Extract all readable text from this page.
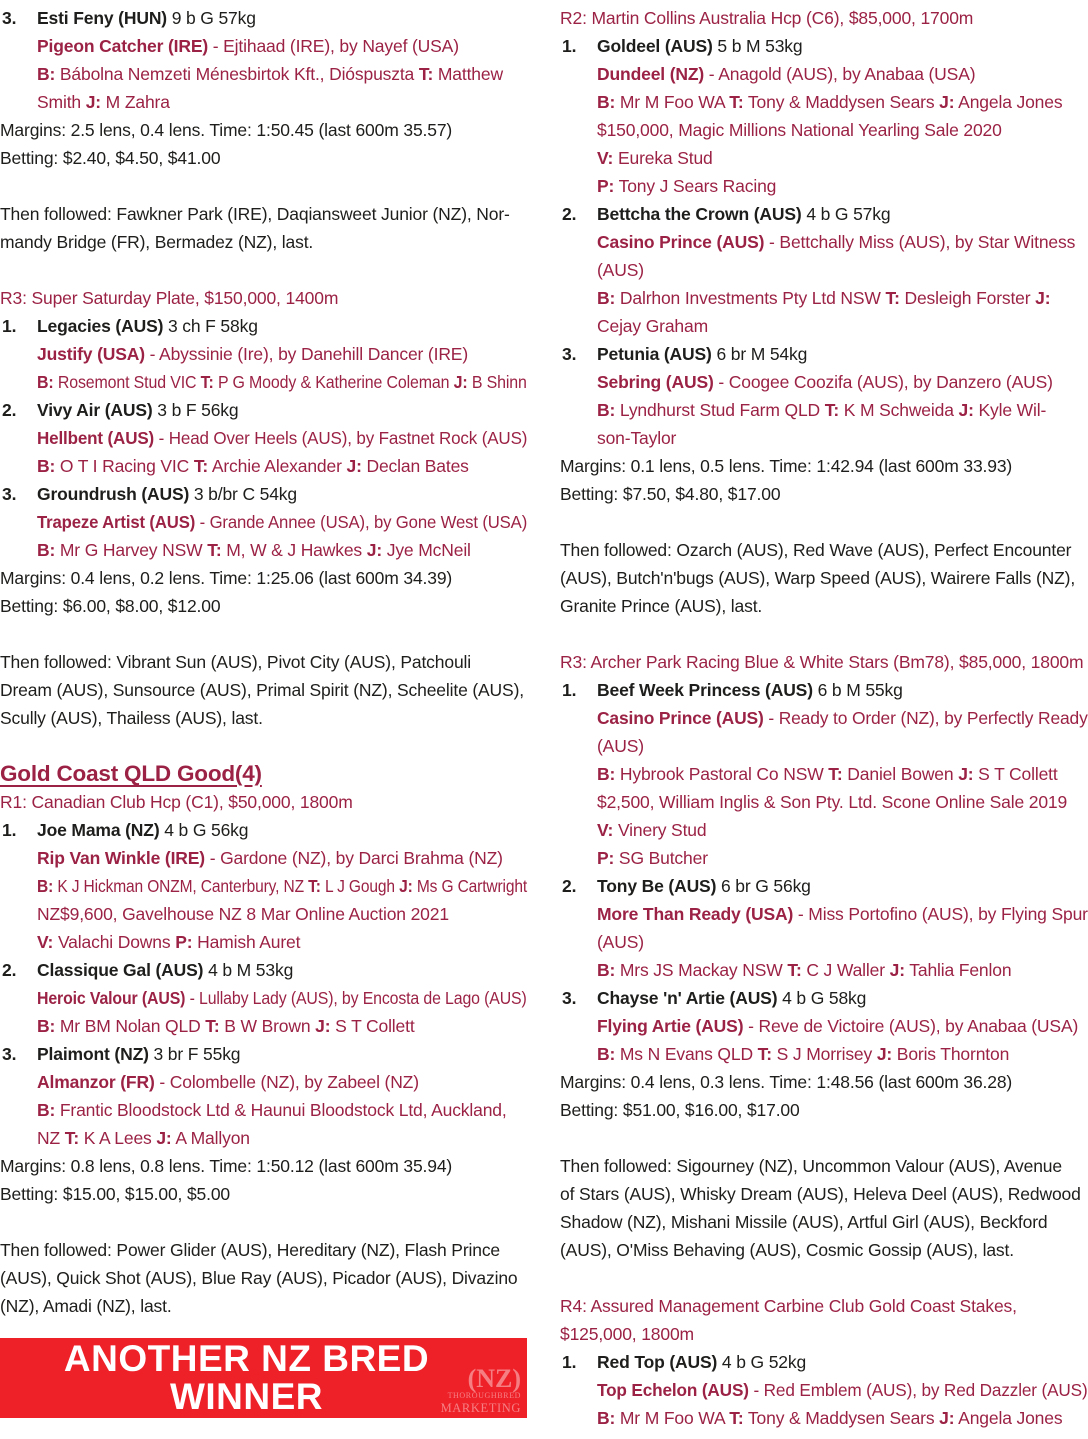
3. Esti Feny (HUN) 9 b G 57kg
Pigeon Catcher (IRE) - Ejtihaad (IRE), by Nayef (USA)
B: Bábolna Nemzeti Ménesbirtok Kft., Dióspuszta T: Matthew
Smith J: M Zahra
Margins: 2.5 lens, 0.4 lens. Time: 1:50.45 (last 600m 35.57)
Betting: $2.40, $4.50, $41.00
Then followed: Fawkner Park (IRE), Daqiansweet Junior (NZ), Nor-
mandy Bridge (FR), Bermadez (NZ), last.
R3: Super Saturday Plate, $150,000, 1400m
1. Legacies (AUS) 3 ch F 58kg
Justify (USA) - Abyssinie (Ire), by Danehill Dancer (IRE)
B: Rosemont Stud VIC T: P G Moody & Katherine Coleman J: B Shinn
2. Vivy Air (AUS) 3 b F 56kg
Hellbent (AUS) - Head Over Heels (AUS), by Fastnet Rock (AUS)
B: O T I Racing VIC T: Archie Alexander J: Declan Bates
3. Groundrush (AUS) 3 b/br C 54kg
Trapeze Artist (AUS) - Grande Annee (USA), by Gone West (USA)
B: Mr G Harvey NSW T: M, W & J Hawkes J: Jye McNeil
Margins: 0.4 lens, 0.2 lens. Time: 1:25.06 (last 600m 34.39)
Betting: $6.00, $8.00, $12.00
Then followed: Vibrant Sun (AUS), Pivot City (AUS), Patchouli
Dream (AUS), Sunsource (AUS), Primal Spirit (NZ), Scheelite (AUS),
Scully (AUS), Thailess (AUS), last.
Gold Coast QLD Good(4)
R1: Canadian Club Hcp (C1), $50,000, 1800m
1. Joe Mama (NZ) 4 b G 56kg
Rip Van Winkle (IRE) - Gardone (NZ), by Darci Brahma (NZ)
B: K J Hickman ONZM, Canterbury, NZ T: L J Gough J: Ms G Cartwright
NZ$9,600, Gavelhouse NZ 8 Mar Online Auction 2021
V: Valachi Downs P: Hamish Auret
2. Classique Gal (AUS) 4 b M 53kg
Heroic Valour (AUS) - Lullaby Lady (AUS), by Encosta de Lago (AUS)
B: Mr BM Nolan QLD T: B W Brown J: S T Collett
3. Plaimont (NZ) 3 br F 55kg
Almanzor (FR) - Colombelle (NZ), by Zabeel (NZ)
B: Frantic Bloodstock Ltd & Haunui Bloodstock Ltd, Auckland,
NZ T: K A Lees J: A Mallyon
Margins: 0.8 lens, 0.8 lens. Time: 1:50.12 (last 600m 35.94)
Betting: $15.00, $15.00, $5.00
Then followed: Power Glider (AUS), Hereditary (NZ), Flash Prince
(AUS), Quick Shot (AUS), Blue Ray (AUS), Picador (AUS), Divazino
(NZ), Amadi (NZ), last.
ANOTHER NZ BRED
WINNER	(NZ)
THOROUGHBRED
MARKETING
R2: Martin Collins Australia Hcp (C6), $85,000, 1700m
1. Goldeel (AUS) 5 b M 53kg
Dundeel (NZ) - Anagold (AUS), by Anabaa (USA)
B: Mr M Foo WA T: Tony & Maddysen Sears J: Angela Jones
$150,000, Magic Millions National Yearling Sale 2020
V: Eureka Stud
P: Tony J Sears Racing
2. Bettcha the Crown (AUS) 4 b G 57kg
Casino Prince (AUS) - Bettchally Miss (AUS), by Star Witness
(AUS)
B: Dalrhon Investments Pty Ltd NSW T: Desleigh Forster J:
Cejay Graham
3. Petunia (AUS) 6 br M 54kg
Sebring (AUS) - Coogee Coozifa (AUS), by Danzero (AUS)
B: Lyndhurst Stud Farm QLD T: K M Schweida J: Kyle Wil-
son-Taylor
Margins: 0.1 lens, 0.5 lens. Time: 1:42.94 (last 600m 33.93)
Betting: $7.50, $4.80, $17.00
Then followed: Ozarch (AUS), Red Wave (AUS), Perfect Encounter
(AUS), Butch'n'bugs (AUS), Warp Speed (AUS), Wairere Falls (NZ),
Granite Prince (AUS), last.
R3: Archer Park Racing Blue & White Stars (Bm78), $85,000, 1800m
1. Beef Week Princess (AUS) 6 b M 55kg
Casino Prince (AUS) - Ready to Order (NZ), by Perfectly Ready
(AUS)
B: Hybrook Pastoral Co NSW T: Daniel Bowen J: S T Collett
$2,500, William Inglis & Son Pty. Ltd. Scone Online Sale 2019
V: Vinery Stud
P: SG Butcher
2. Tony Be (AUS) 6 br G 56kg
More Than Ready (USA) - Miss Portofino (AUS), by Flying Spur
(AUS)
B: Mrs JS Mackay NSW T: C J Waller J: Tahlia Fenlon
3. Chayse 'n' Artie (AUS) 4 b G 58kg
Flying Artie (AUS) - Reve de Victoire (AUS), by Anabaa (USA)
B: Ms N Evans QLD T: S J Morrisey J: Boris Thornton
Margins: 0.4 lens, 0.3 lens. Time: 1:48.56 (last 600m 36.28)
Betting: $51.00, $16.00, $17.00
Then followed: Sigourney (NZ), Uncommon Valour (AUS), Avenue
of Stars (AUS), Whisky Dream (AUS), Heleva Deel (AUS), Redwood
Shadow (NZ), Mishani Missile (AUS), Artful Girl (AUS), Beckford
(AUS), O'Miss Behaving (AUS), Cosmic Gossip (AUS), last.
R4: Assured Management Carbine Club Gold Coast Stakes,
$125,000, 1800m
1. Red Top (AUS) 4 b G 52kg
Top Echelon (AUS) - Red Emblem (AUS), by Red Dazzler (AUS)
B: Mr M Foo WA T: Tony & Maddysen Sears J: Angela Jones
